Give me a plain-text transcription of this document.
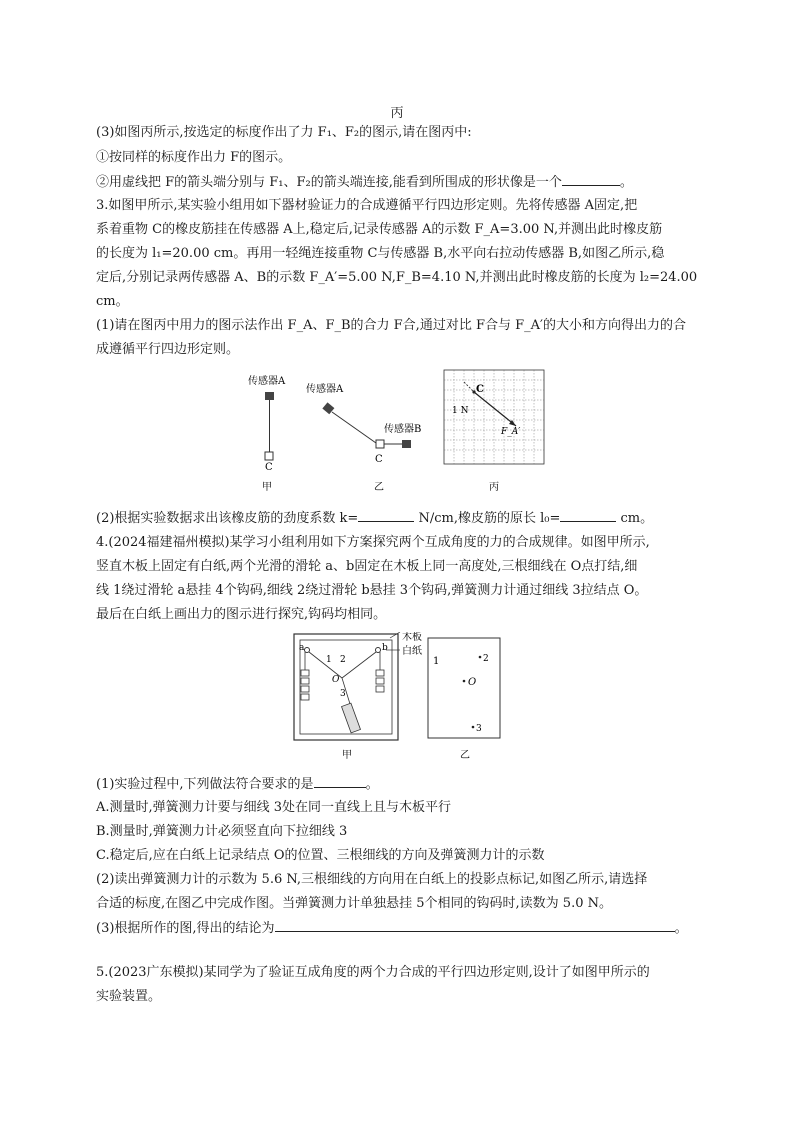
丙
(3)如图丙所示,按选定的标度作出了力 F₁、F₂的图示,请在图丙中:
①按同样的标度作出力 F的图示。
②用虚线把 F的箭头端分别与 F₁、F₂的箭头端连接,能看到所围成的形状像是一个	。
3.如图甲所示,某实验小组用如下器材验证力的合成遵循平行四边形定则。先将传感器 A固定,把
系着重物 C的橡皮筋挂在传感器 A上,稳定后,记录传感器 A的示数 F_A=3.00 N,并测出此时橡皮筋
的长度为 l₁=20.00 cm。再用一轻绳连接重物 C与传感器 B,水平向右拉动传感器 B,如图乙所示,稳
定后,分别记录两传感器 A、B的示数 F_A′=5.00 N,F_B=4.10 N,并测出此时橡皮筋的长度为 l₂=24.00
cm。
(1)请在图丙中用力的图示法作出 F_A、F_B的合力 F合,通过对比 F合与 F_A′的大小和方向得出力的合
成遵循平行四边形定则。
传感器A
C
甲
传感器A
传感器B
C
乙
C
1 N
F_A′
丙
(2)根据实验数据求出该橡皮筋的劲度系数 k=	N/cm,橡皮筋的原长 l₀=	cm。
4.(2024福建福州模拟)某学习小组利用如下方案探究两个互成角度的力的合成规律。如图甲所示,
竖直木板上固定有白纸,两个光滑的滑轮 a、b固定在木板上同一高度处,三根细线在 O点打结,细
线 1绕过滑轮 a悬挂 4个钩码,细线 2绕过滑轮 b悬挂 3个钩码,弹簧测力计通过细线 3拉结点 O。
最后在白纸上画出力的图示进行探究,钩码均相同。
a	b
1 2
O
3
木板
白纸
甲
1	2
O
3
乙
(1)实验过程中,下列做法符合要求的是	。
A.测量时,弹簧测力计要与细线 3处在同一直线上且与木板平行
B.测量时,弹簧测力计必须竖直向下拉细线 3
C.稳定后,应在白纸上记录结点 O的位置、三根细线的方向及弹簧测力计的示数
(2)读出弹簧测力计的示数为 5.6 N,三根细线的方向用在白纸上的投影点标记,如图乙所示,请选择
合适的标度,在图乙中完成作图。当弹簧测力计单独悬挂 5个相同的钩码时,读数为 5.0 N。
(3)根据所作的图,得出的结论为	。
5.(2023广东模拟)某同学为了验证互成角度的两个力合成的平行四边形定则,设计了如图甲所示的
实验装置。
